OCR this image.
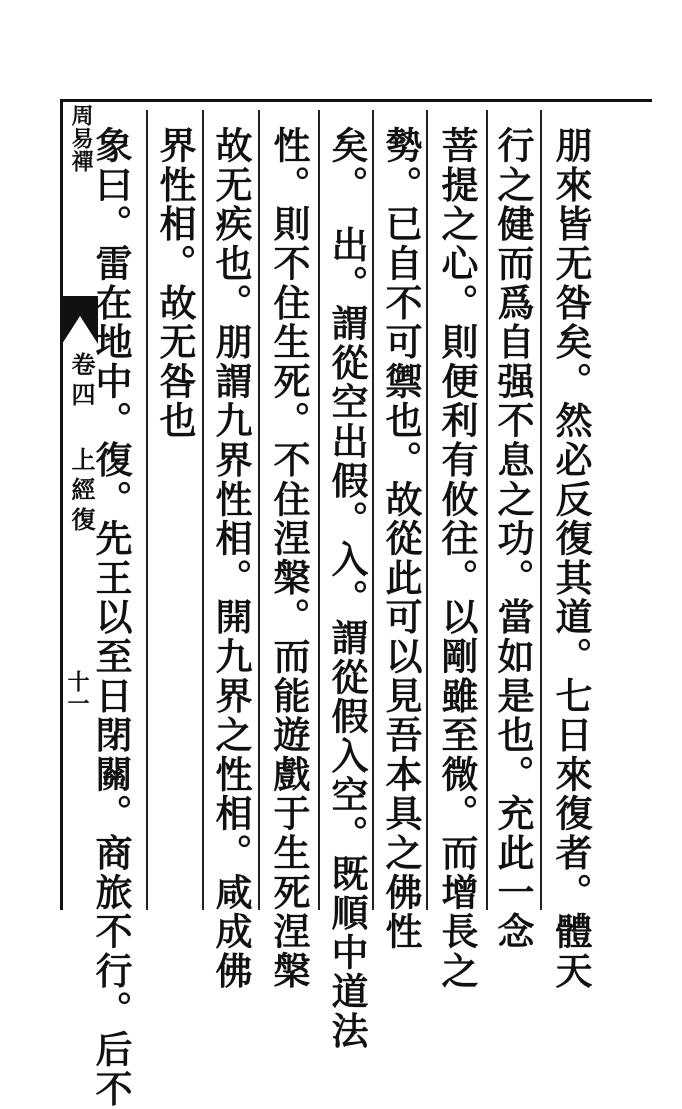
周易禪
卷四 上經復
十一 象曰。雷在地中。復。先王以至日閉關。商旅不行。后不 界性相。故无咎也 故无疾也。朋謂九界性相。開九界之性相。咸成佛 性。則不住生死。不住涅槃。而能遊戲于生死涅槃 矣。　出。謂從空出假。入。謂從假入空。既順中道法 勢。已自不可禦也。故從此可以見吾本具之佛性 菩提之心。則便利有攸往。以剛雖至微。而增長之 行之健而爲自强不息之功。當如是也。充此一念 朋來皆无咎矣。然必反復其道。七日來復者。體天
